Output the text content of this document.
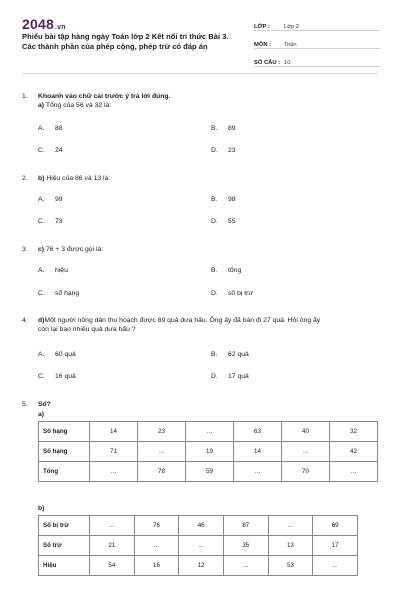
2048.vn
Phiếu bài tập hàng ngày Toán lớp 2 Kết nối tri thức Bài 3. Các thành phần của phép cộng, phép trừ có đáp án
LỚP :	Lớp 2
MÔN :	Toán
SỐ CÂU : 10
1. Khoanh vào chữ cái trước ý trả lời đúng.
a) Tổng của 56 và 32 là:
A. 88	B. 89
C. 24	D. 23
2. b) Hiệu của 86 và 13 là:
A. 99	B. 98
C. 73	D. 55
3. c) 76 + 3 được gọi là:
A. hiệu	B. tổng
C. số hạng	D. số bị trừ
4. d)Một người nông dân thu hoạch được 89 quả dưa hấu. Ông ấy đã bán đi 27 quả. Hỏi ông ấy
còn lại bao nhiêu quả dưa hấu ?
A. 60 quả	B. 62 quả
C. 16 quả	D. 17 quả
5. Số?
a)
Số hạng	14	23	...	63	40	32
Số hạng	71	...	19	14	...	42
Tổng	...	78	59	...	70	...
b)
Số bị trừ	...	76	46	87	...	69
Số trừ	21	...	...	35	13	17
Hiệu	54	16	12	...	53	...
